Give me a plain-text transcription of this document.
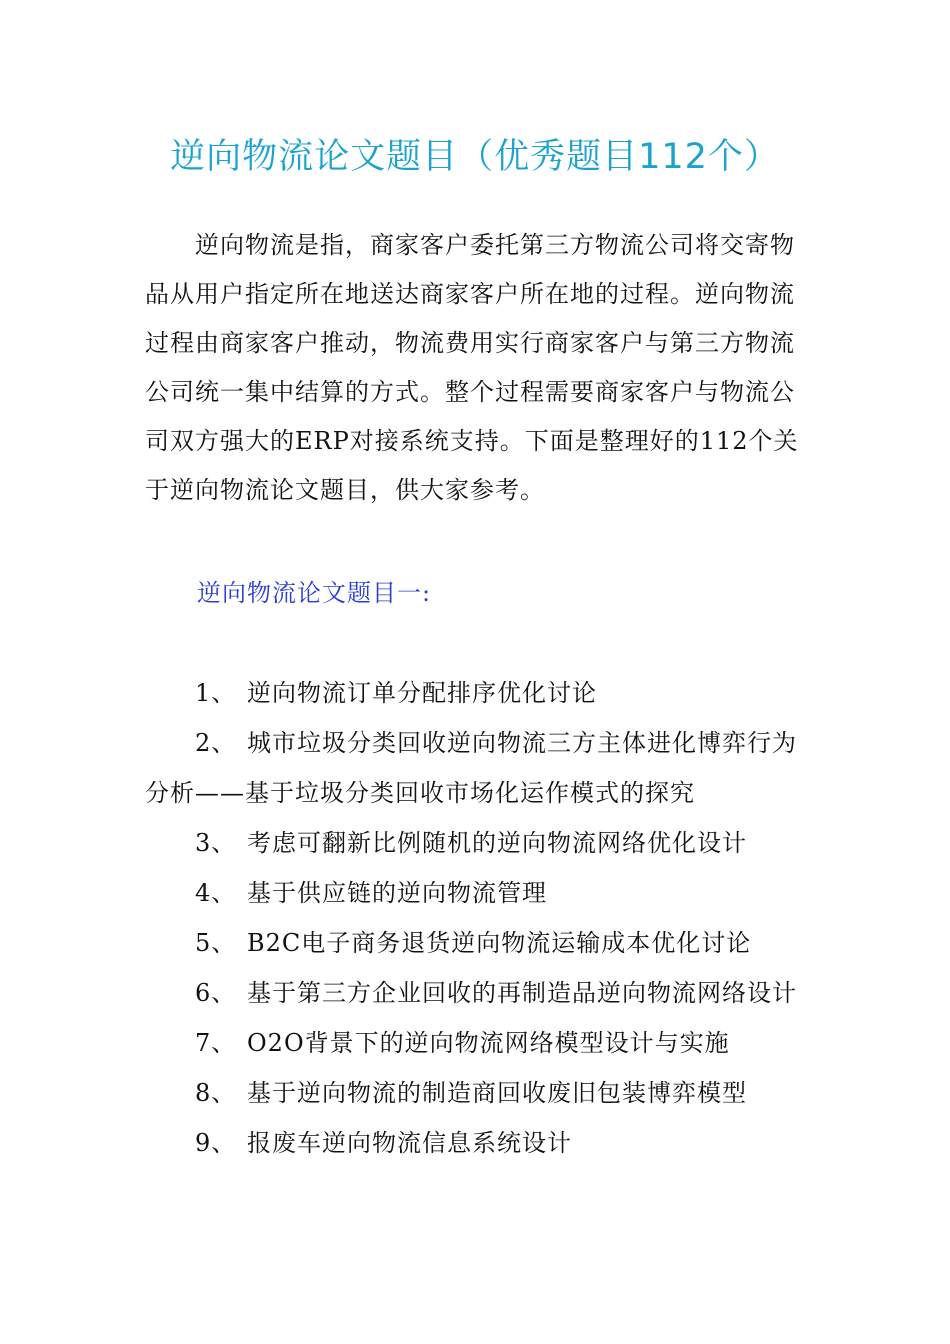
逆向物流论文题目（优秀题目112个）

逆向物流是指，商家客户委托第三方物流公司将交寄物品从用户指定所在地送达商家客户所在地的过程。逆向物流过程由商家客户推动，物流费用实行商家客户与第三方物流公司统一集中结算的方式。整个过程需要商家客户与物流公司双方强大的ERP对接系统支持。下面是整理好的112个关于逆向物流论文题目，供大家参考。

逆向物流论文题目一:
1、 逆向物流订单分配排序优化讨论
2、 城市垃圾分类回收逆向物流三方主体进化博弈行为分析——基于垃圾分类回收市场化运作模式的探究
3、 考虑可翻新比例随机的逆向物流网络优化设计
4、 基于供应链的逆向物流管理
5、 B2C电子商务退货逆向物流运输成本优化讨论
6、 基于第三方企业回收的再制造品逆向物流网络设计
7、 O2O背景下的逆向物流网络模型设计与实施
8、 基于逆向物流的制造商回收废旧包装博弈模型
9、 报废车逆向物流信息系统设计
